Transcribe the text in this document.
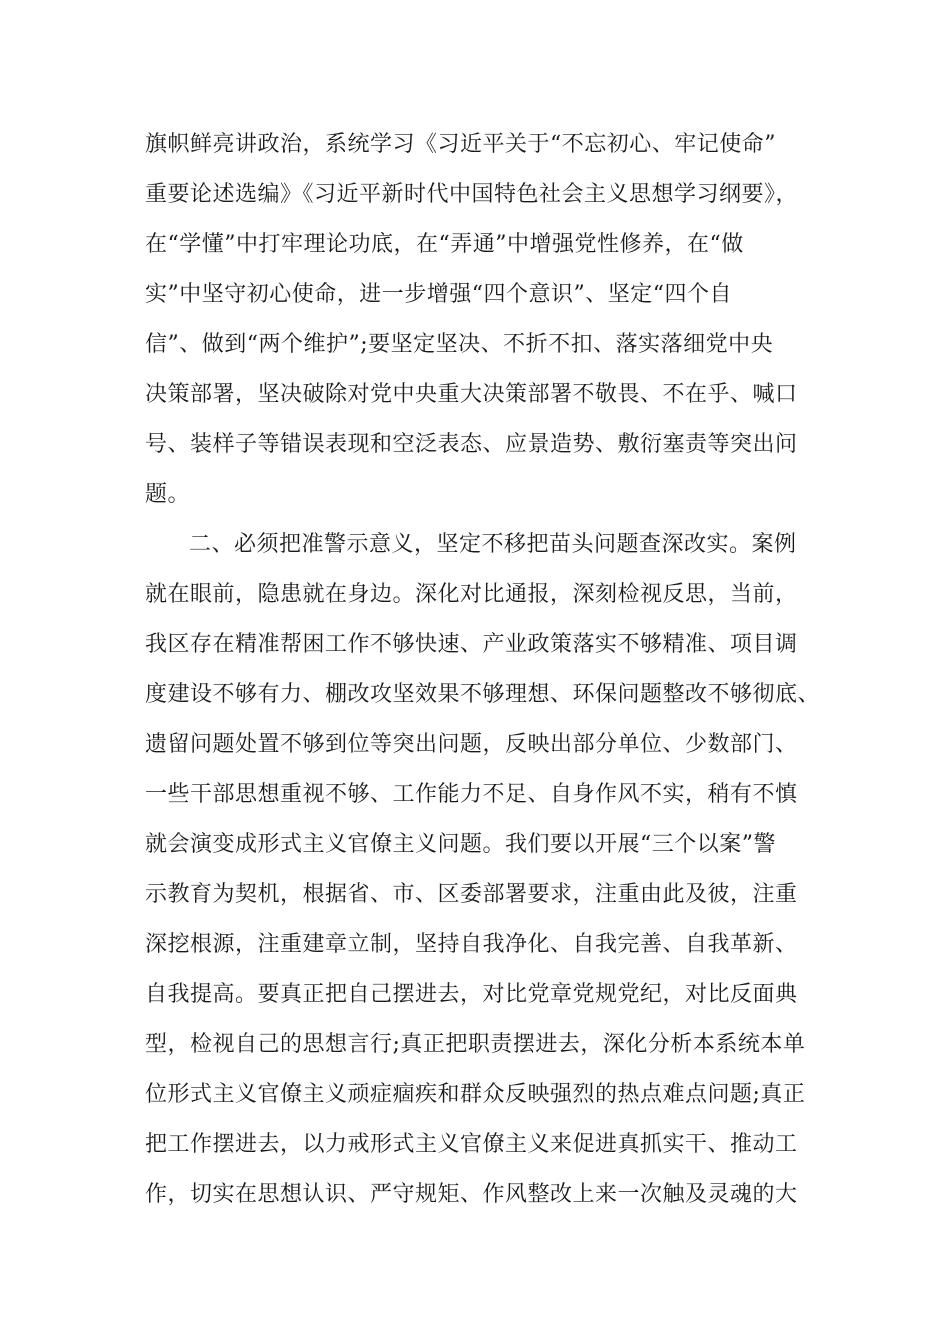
旗帜鲜亮讲政治，系统学习《习近平关于“不忘初心、牢记使命”
重要论述选编》《习近平新时代中国特色社会主义思想学习纲要》，
在“学懂”中打牢理论功底，在“弄通”中增强党性修养，在“做
实”中坚守初心使命，进一步增强“四个意识”、坚定“四个自
信”、做到“两个维护”;要坚定坚决、不折不扣、落实落细党中央
决策部署，坚决破除对党中央重大决策部署不敬畏、不在乎、喊口
号、装样子等错误表现和空泛表态、应景造势、敷衍塞责等突出问
题。
二、必须把准警示意义，坚定不移把苗头问题查深改实。案例
就在眼前，隐患就在身边。深化对比通报，深刻检视反思，当前，
我区存在精准帮困工作不够快速、产业政策落实不够精准、项目调
度建设不够有力、棚改攻坚效果不够理想、环保问题整改不够彻底、
遗留问题处置不够到位等突出问题，反映出部分单位、少数部门、
一些干部思想重视不够、工作能力不足、自身作风不实，稍有不慎
就会演变成形式主义官僚主义问题。我们要以开展“三个以案”警
示教育为契机，根据省、市、区委部署要求，注重由此及彼，注重
深挖根源，注重建章立制，坚持自我净化、自我完善、自我革新、
自我提高。要真正把自己摆进去，对比党章党规党纪，对比反面典
型，检视自己的思想言行;真正把职责摆进去，深化分析本系统本单
位形式主义官僚主义顽症痼疾和群众反映强烈的热点难点问题;真正
把工作摆进去，以力戒形式主义官僚主义来促进真抓实干、推动工
作，切实在思想认识、严守规矩、作风整改上来一次触及灵魂的大
